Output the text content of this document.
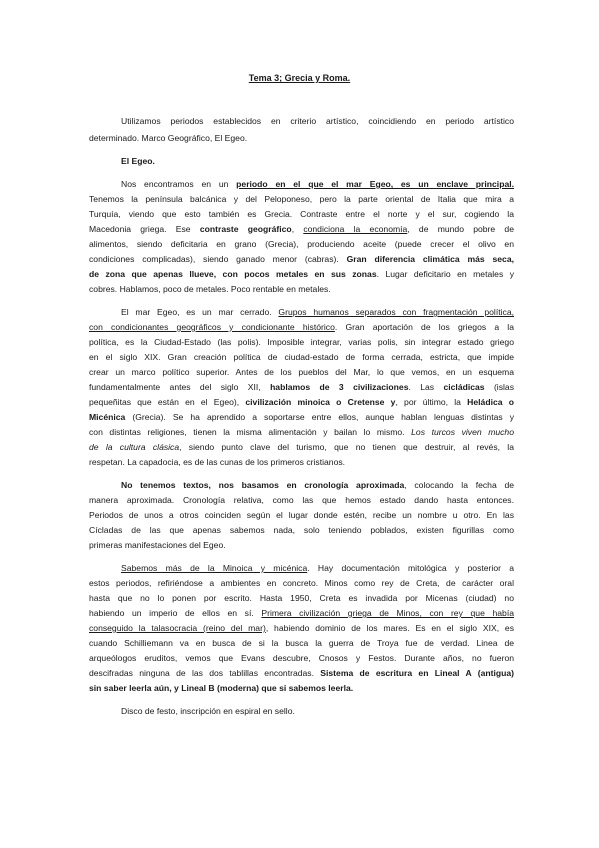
Tema 3; Grecia y Roma.
Utilizamos periodos establecidos en criterio artístico, coincidiendo en periodo artístico
determinado. Marco Geográfico, El Egeo.
El Egeo.
Nos encontramos en un periodo en el que el mar Egeo, es un enclave principal.
Tenemos la península balcánica y del Peloponeso, pero la parte oriental de Italia que mira a
Turquía, viendo que esto también es Grecia. Contraste entre el norte y el sur, cogiendo la
Macedonia griega. Ese contraste geográfico, condiciona la economía, de mundo pobre de
alimentos, siendo deficitaria en grano (Grecia), produciendo aceite (puede crecer el olivo en
condiciones complicadas), siendo ganado menor (cabras). Gran diferencia climática más seca,
de zona que apenas llueve, con pocos metales en sus zonas. Lugar deficitario en metales y
cobres. Hablamos, poco de metales. Poco rentable en metales.
El mar Egeo, es un mar cerrado. Grupos humanos separados con fragmentación política,
con condicionantes geográficos y condicionante histórico. Gran aportación de los griegos a la
política, es la Ciudad-Estado (las polis). Imposible integrar, varias polis, sin integrar estado griego
en el siglo XIX. Gran creación política de ciudad-estado de forma cerrada, estricta, que impide
crear un marco político superior. Antes de los pueblos del Mar, lo que vemos, en un esquema
fundamentalmente antes del siglo XII, hablamos de 3 civilizaciones. Las cicládicas (islas
pequeñitas que están en el Egeo), civilización minoica o Cretense y, por último, la Heládica o
Micénica (Grecia). Se ha aprendido a soportarse entre ellos, aunque hablan lenguas distintas y
con distintas religiones, tienen la misma alimentación y bailan lo mismo. Los turcos viven mucho
de la cultura clásica, siendo punto clave del turismo, que no tienen que destruir, al revés, la
respetan. La capadocia, es de las cunas de los primeros cristianos.
No tenemos textos, nos basamos en cronología aproximada, colocando la fecha de
manera aproximada. Cronología relativa, como las que hemos estado dando hasta entonces.
Periodos de unos a otros coinciden según el lugar donde estén, recibe un nombre u otro. En las
Cícladas de las que apenas sabemos nada, solo teniendo poblados, existen figurillas como
primeras manifestaciones del Egeo.
Sabemos más de la Minoica y micénica. Hay documentación mitológica y posterior a
estos periodos, refiriéndose a ambientes en concreto. Minos como rey de Creta, de carácter oral
hasta que no lo ponen por escrito. Hasta 1950, Creta es invadida por Micenas (ciudad) no
habiendo un imperio de ellos en sí. Primera civilización griega de Minos, con rey que había
conseguido la talasocracia (reino del mar), habiendo dominio de los mares. Es en el siglo XIX, es
cuando Schilliemann va en busca de si la busca la guerra de Troya fue de verdad. Linea de
arqueólogos eruditos, vemos que Evans descubre, Cnosos y Festos. Durante años, no fueron
descifradas ninguna de las dos tablillas encontradas. Sistema de escritura en Lineal A (antigua)
sin saber leerla aún, y Lineal B (moderna) que si sabemos leerla.
Disco de festo, inscripción en espiral en sello.
